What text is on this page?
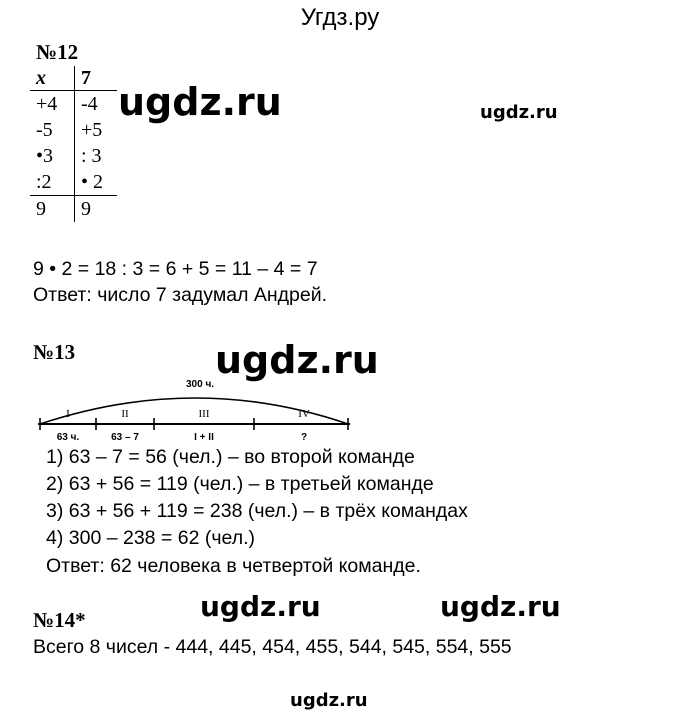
Угдз.ру
№12
x	7
+4	-4
-5	+5
•3	: 3
:2	• 2
9	9
ugdz.ru	ugdz.ru
9 • 2 = 18 : 3 = 6 + 5 = 11 – 4 = 7
Ответ: число 7 задумал Андрей.
№13	ugdz.ru
300 ч.
I	II	III	IV
63 ч.	63 – 7	I + II	?
1) 63 – 7 = 56 (чел.) – во второй команде
2) 63 + 56 = 119 (чел.) – в третьей команде
3) 63 + 56 + 119 = 238 (чел.) – в трёх командах
4) 300 – 238 = 62 (чел.)
Ответ: 62 человека в четвертой команде.
№14*	ugdz.ru	ugdz.ru
Всего 8 чисел - 444, 445, 454, 455, 544, 545, 554, 555
ugdz.ru
